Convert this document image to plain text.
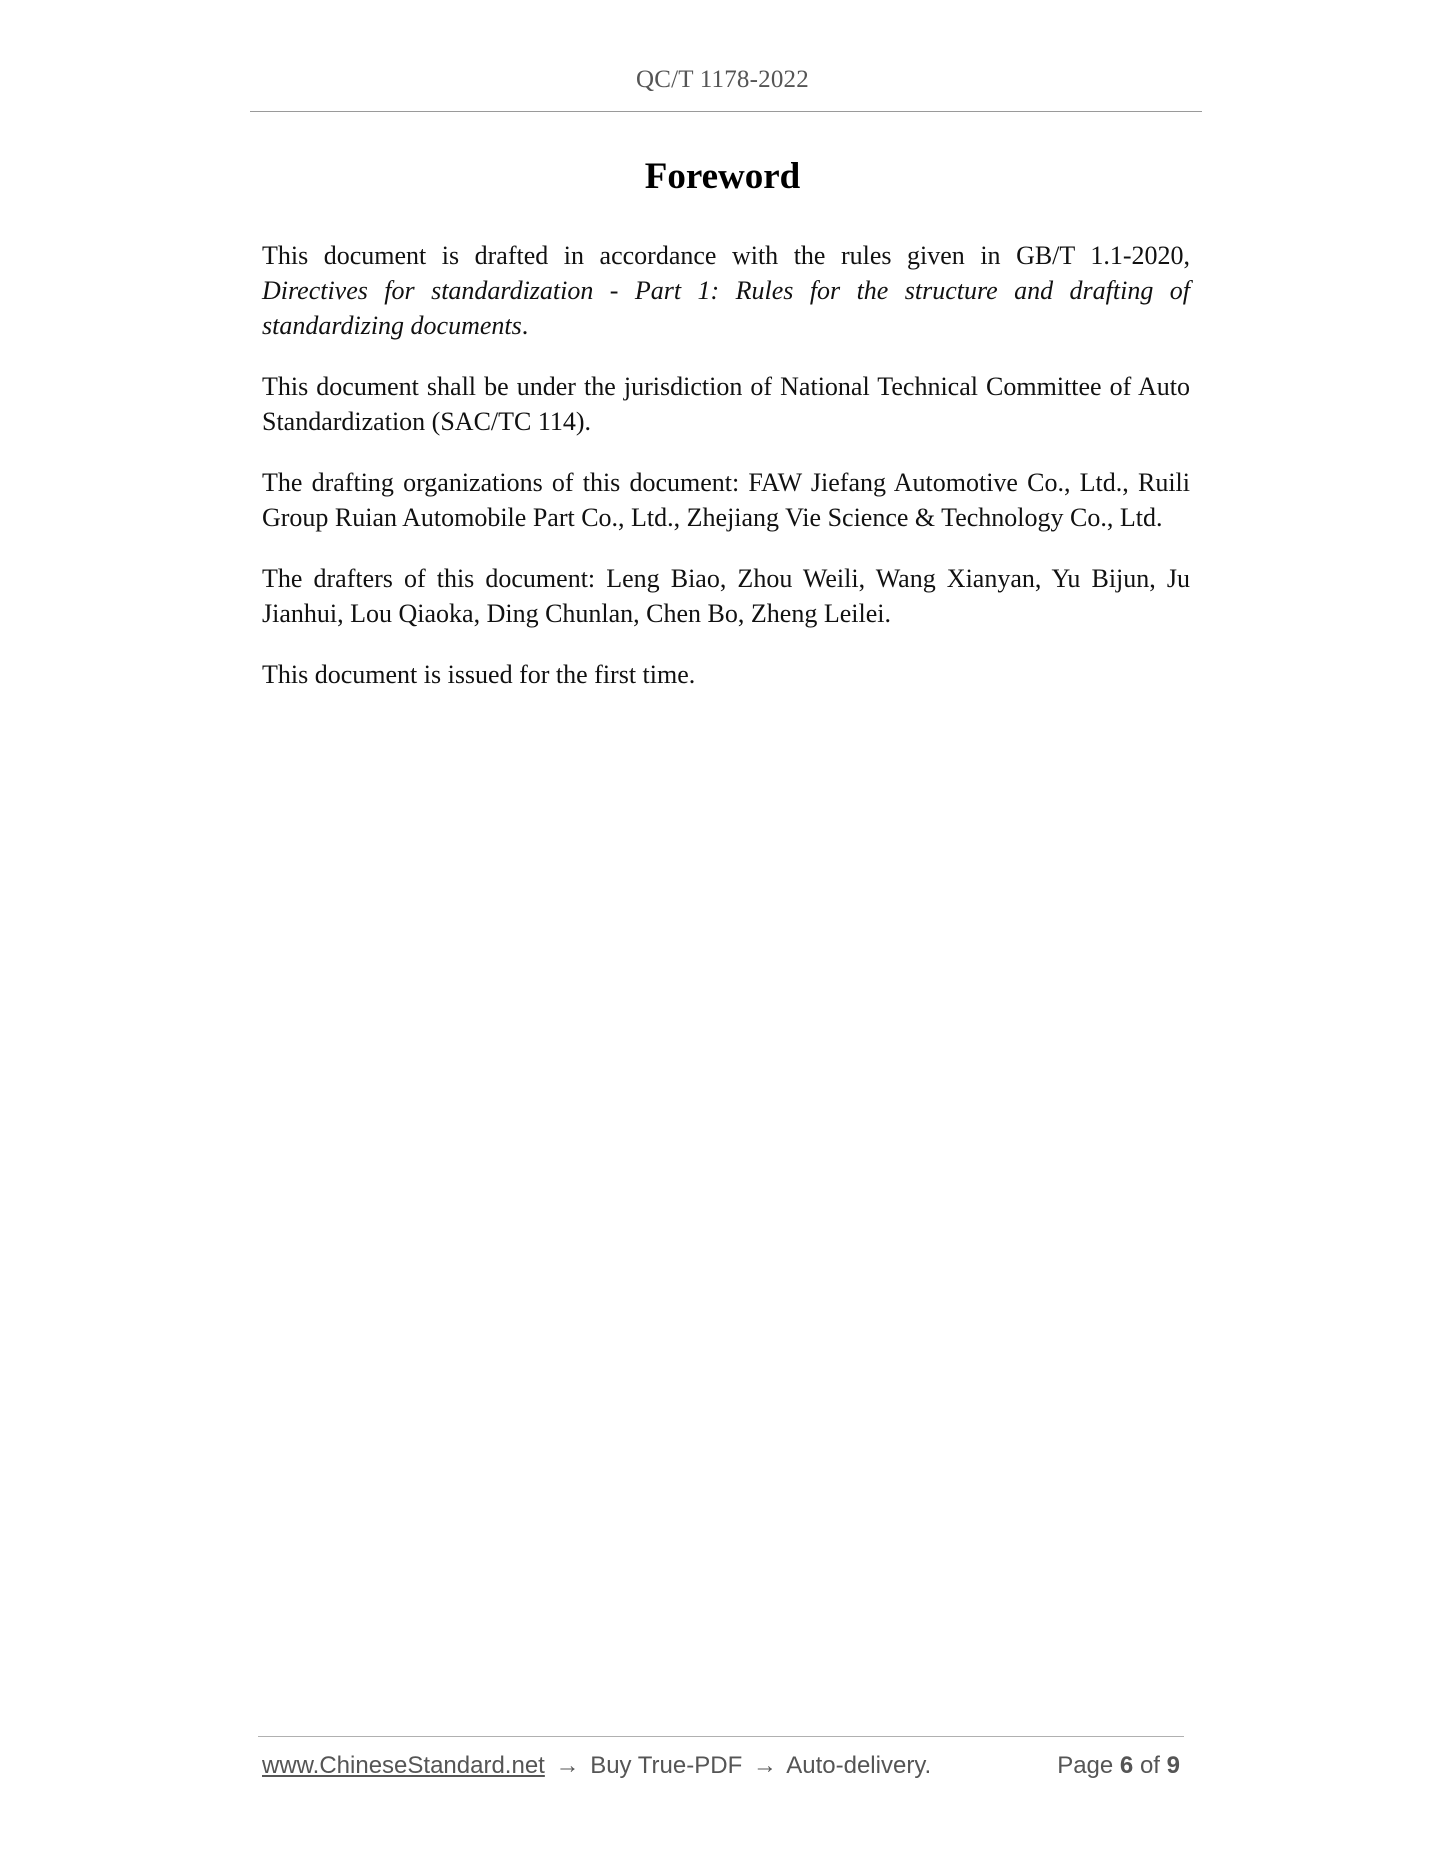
QC/T 1178-2022
Foreword

This document is drafted in accordance with the rules given in GB/T 1.1-2020, Directives for standardization - Part 1: Rules for the structure and drafting of standardizing documents.

This document shall be under the jurisdiction of National Technical Committee of Auto Standardization (SAC/TC 114).

The drafting organizations of this document: FAW Jiefang Automotive Co., Ltd., Ruili Group Ruian Automobile Part Co., Ltd., Zhejiang Vie Science & Technology Co., Ltd.

The drafters of this document: Leng Biao, Zhou Weili, Wang Xianyan, Yu Bijun, Ju Jianhui, Lou Qiaoka, Ding Chunlan, Chen Bo, Zheng Leilei.

This document is issued for the first time.

www.ChineseStandard.net → Buy True-PDF → Auto-delivery.	Page 6 of 9
